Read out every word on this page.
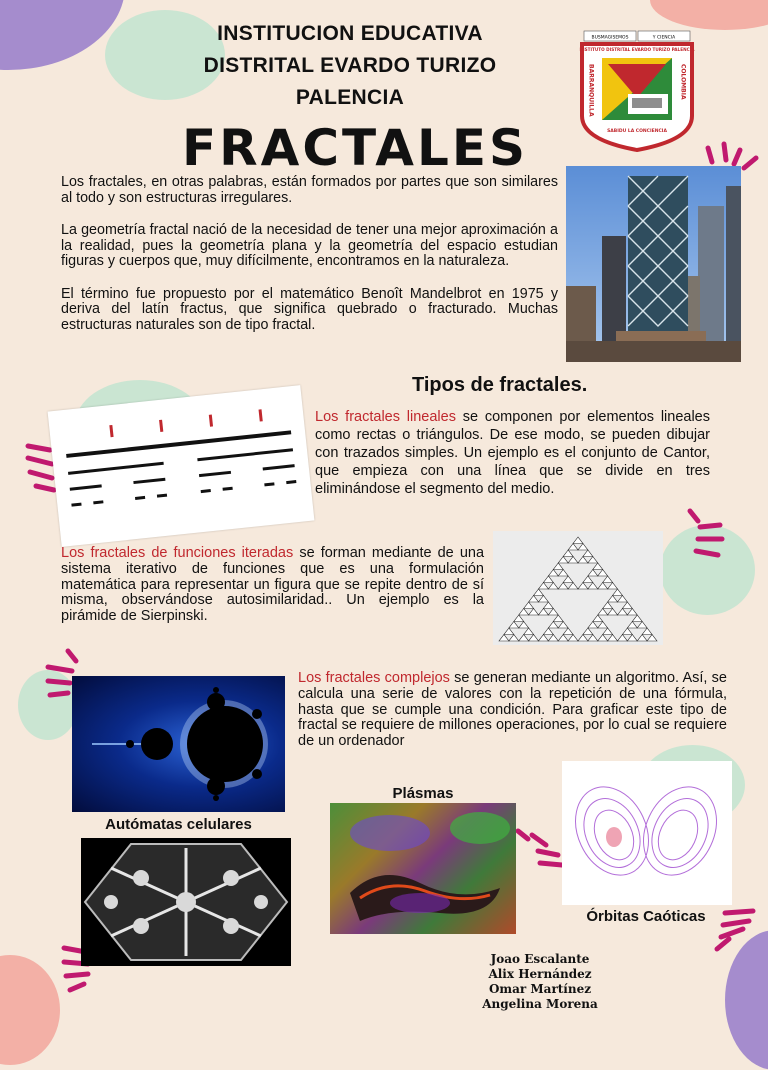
INSTITUCION EDUCATIVA
DISTRITAL EVARDO TURIZO
PALENCIA
BUSMAGISEMOS	Y CIENCIA
INSTITUTO DISTRITAL EVARDO TURIZO PALENCIA
SABIDU LA CONCIENCIA
BARRANQUILLA	COLOMBIA
FRACTALES

Los fractales, en otras palabras, están formados por partes que son similares al todo y son estructuras irregulares.

La geometría fractal nació de la necesidad de tener una mejor aproximación a la realidad, pues la geometría plana y la geometría del espacio estudian figuras y cuerpos que, muy difícilmente, encontramos en la naturaleza.

El término fue propuesto por el matemático Benoît Mandelbrot en 1975 y deriva del latín fractus, que significa quebrado o fracturado. Muchas estructuras naturales son de tipo fractal.

Tipos de fractales.
Los fractales lineales se componen por elementos lineales como rectas o triángulos. De ese modo, se pueden dibujar con trazados simples. Un ejemplo es el conjunto de Cantor, que empieza con una línea que se divide en tres eliminándose el segmento del medio.
Los fractales de funciones iteradas se forman mediante de una sistema iterativo de funciones que es una formulación matemática para representar un figura que se repite dentro de sí misma, observándose autosimilaridad.. Un ejemplo es la pirámide de Sierpinski.
Los fractales complejos se generan mediante un algoritmo. Así, se calcula una serie de valores con la repetición de una fórmula, hasta que se cumple una condición. Para graficar este tipo de fractal se requiere de millones operaciones, por lo cual se requiere de un ordenador
Autómatas celulares
Plásmas
Órbitas Caóticas
Joao Escalante
Alix Hernández
Omar Martínez
Angelina Morena
